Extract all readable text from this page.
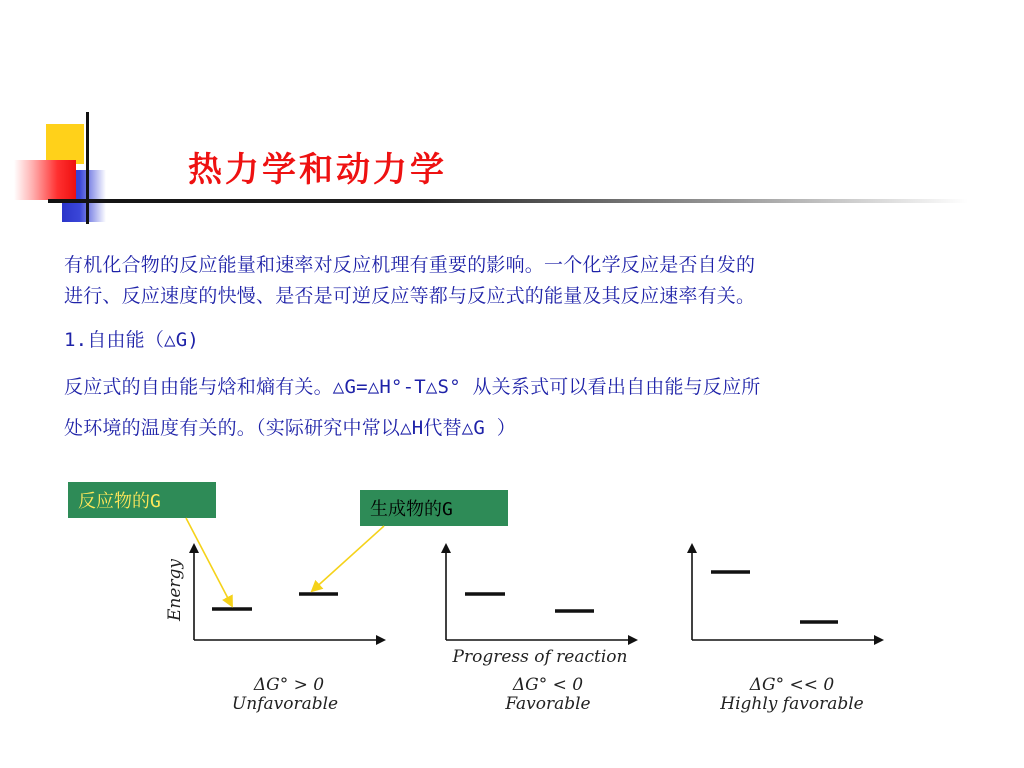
热力学和动力学
有机化合物的反应能量和速率对反应机理有重要的影响。一个化学反应是否自发的
进行、反应速度的快慢、是否是可逆反应等都与反应式的能量及其反应速率有关。
1.自由能（△G)
反应式的自由能与焓和熵有关。△G=△H°-T△S° 从关系式可以看出自由能与反应所
处环境的温度有关的。（实际研究中常以△H代替△G ）
反应物的G	生成物的G
Energy
ΔG° > 0
Unfavorable
Progress of reaction
ΔG° < 0
Favorable
ΔG° << 0
Highly favorable
